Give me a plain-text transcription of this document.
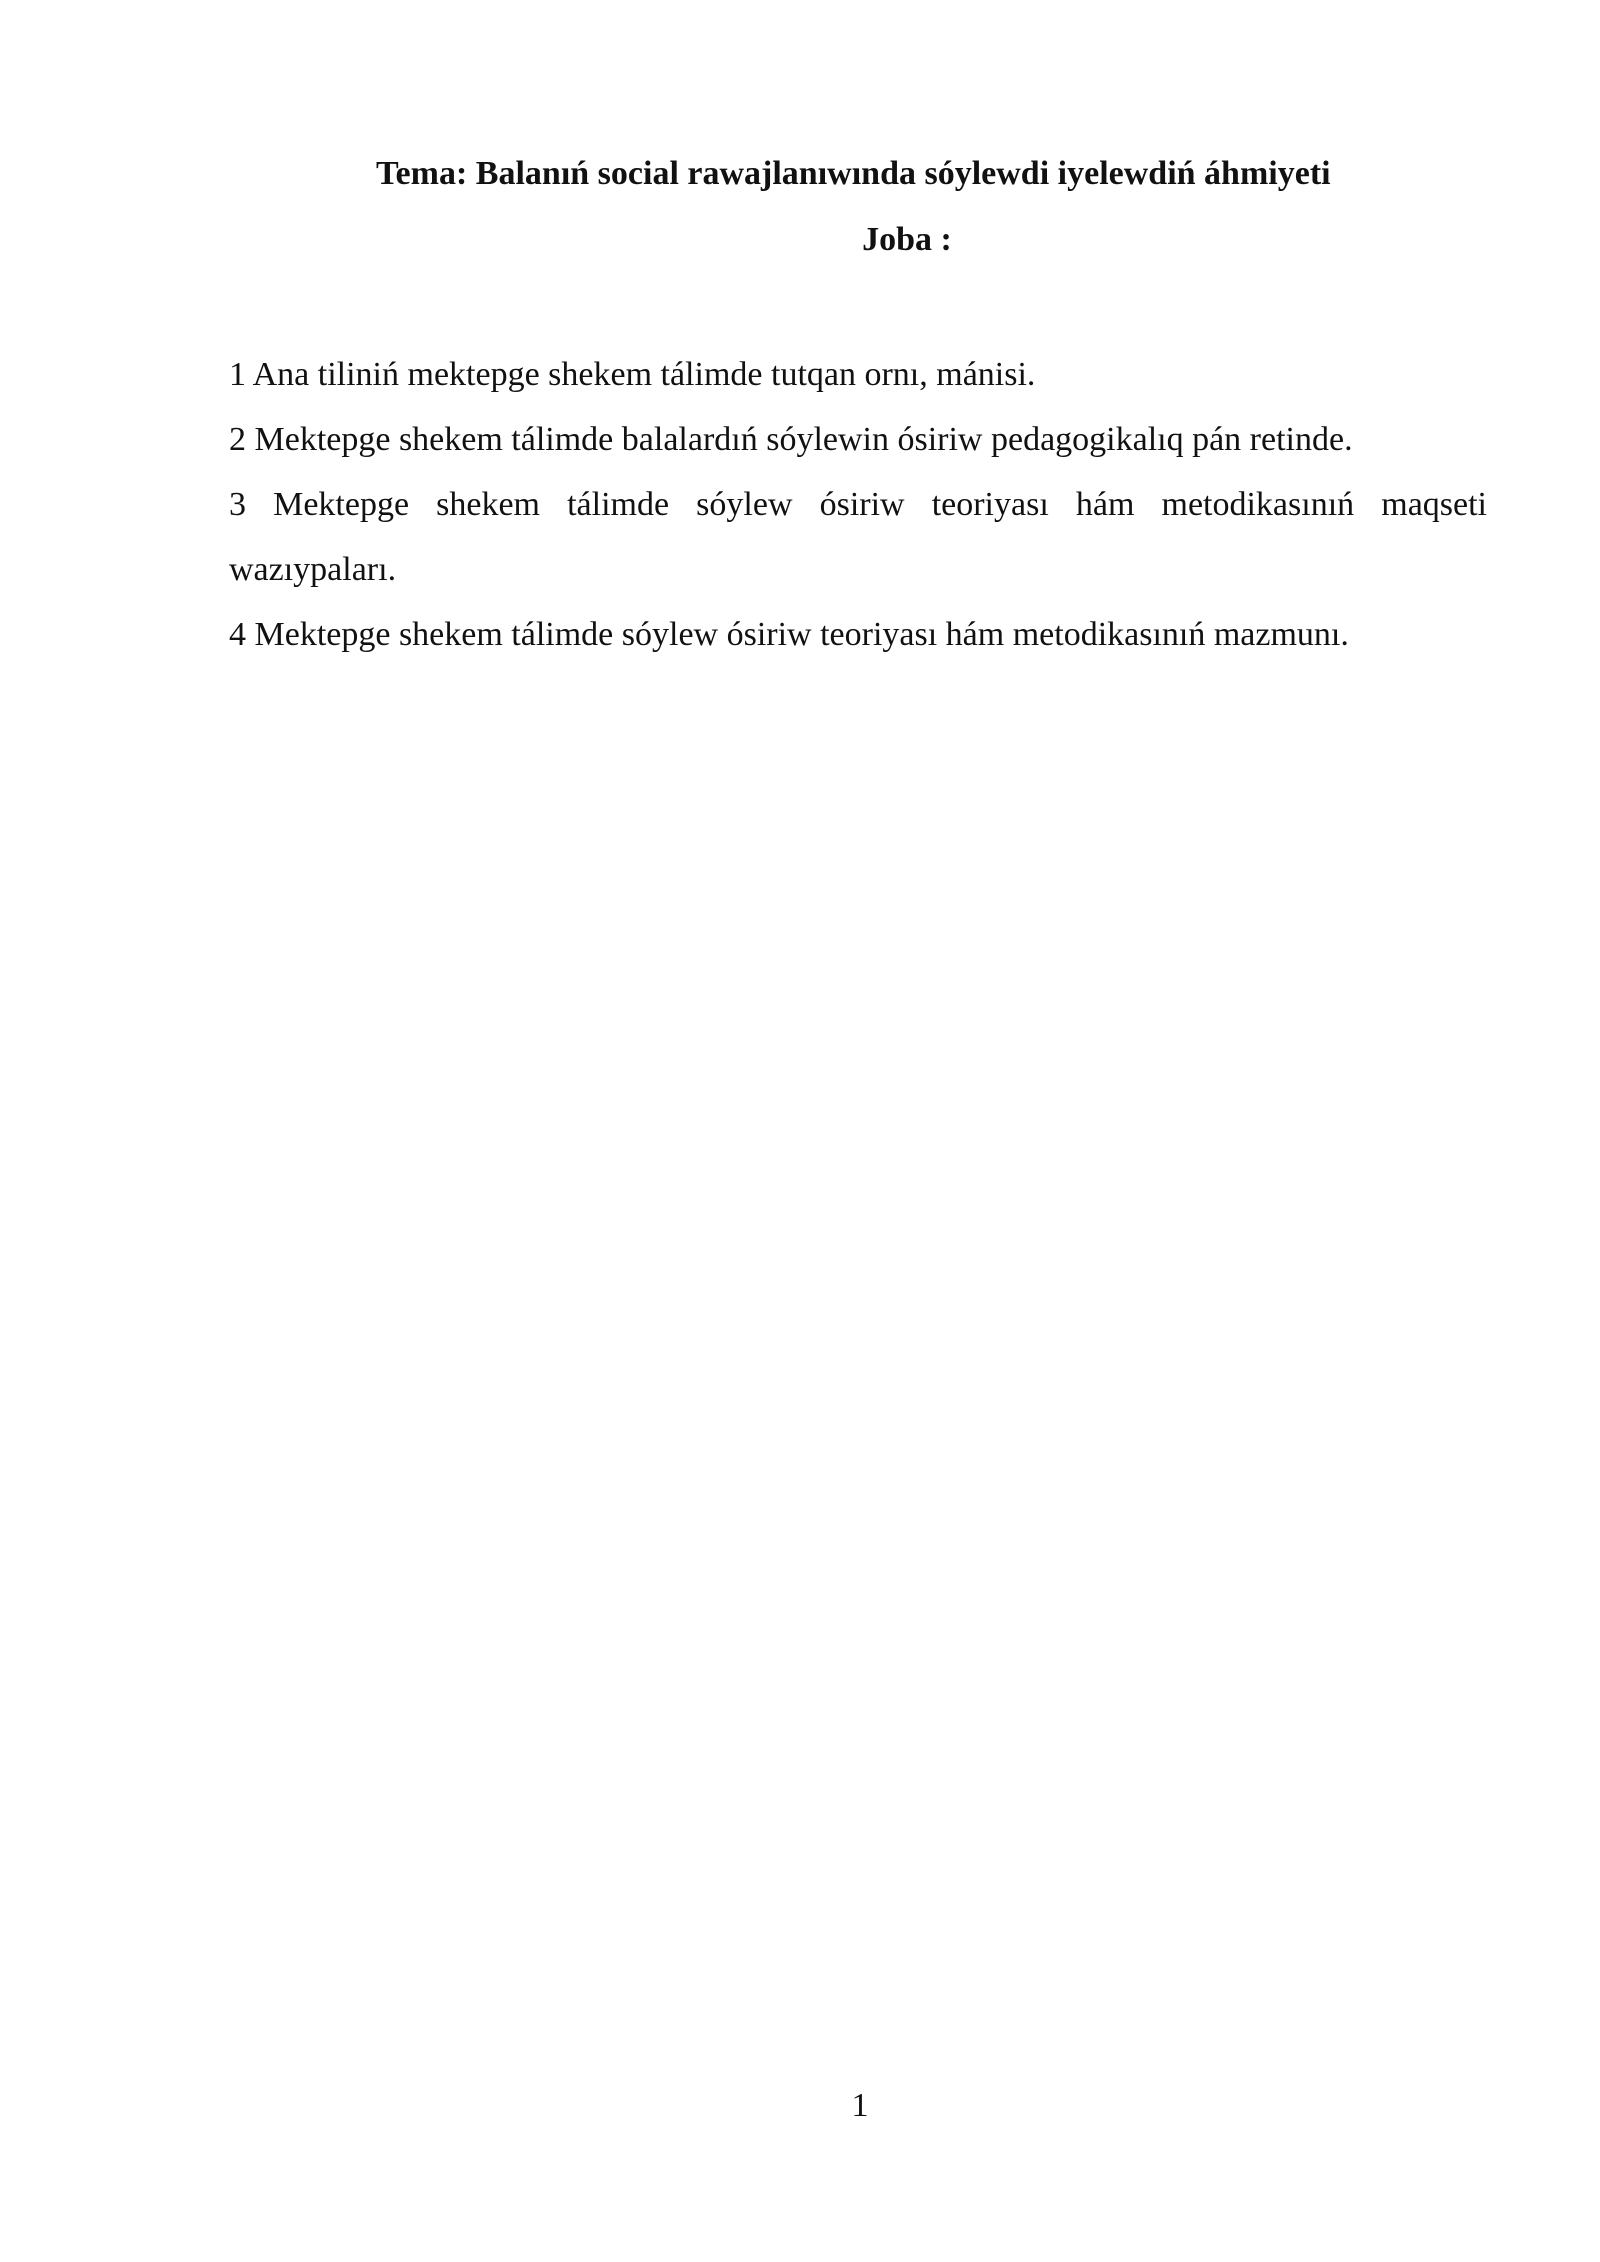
Tema: Balanıń social rawajlanıwında sóylewdi iyelewdiń áhmiyeti
Joba :
1 Ana tiliniń mektepge shekem tálimde tutqan ornı, mánisi.
2 Mektepge shekem tálimde balalardıń sóylewin ósiriw pedagogikalıq pán retinde.
3 Mektepge shekem tálimde sóylew ósiriw teoriyası hám metodikasınıń maqseti wazıypaları.
4 Mektepge shekem tálimde sóylew ósiriw teoriyası hám metodikasınıń mazmunı.
1
